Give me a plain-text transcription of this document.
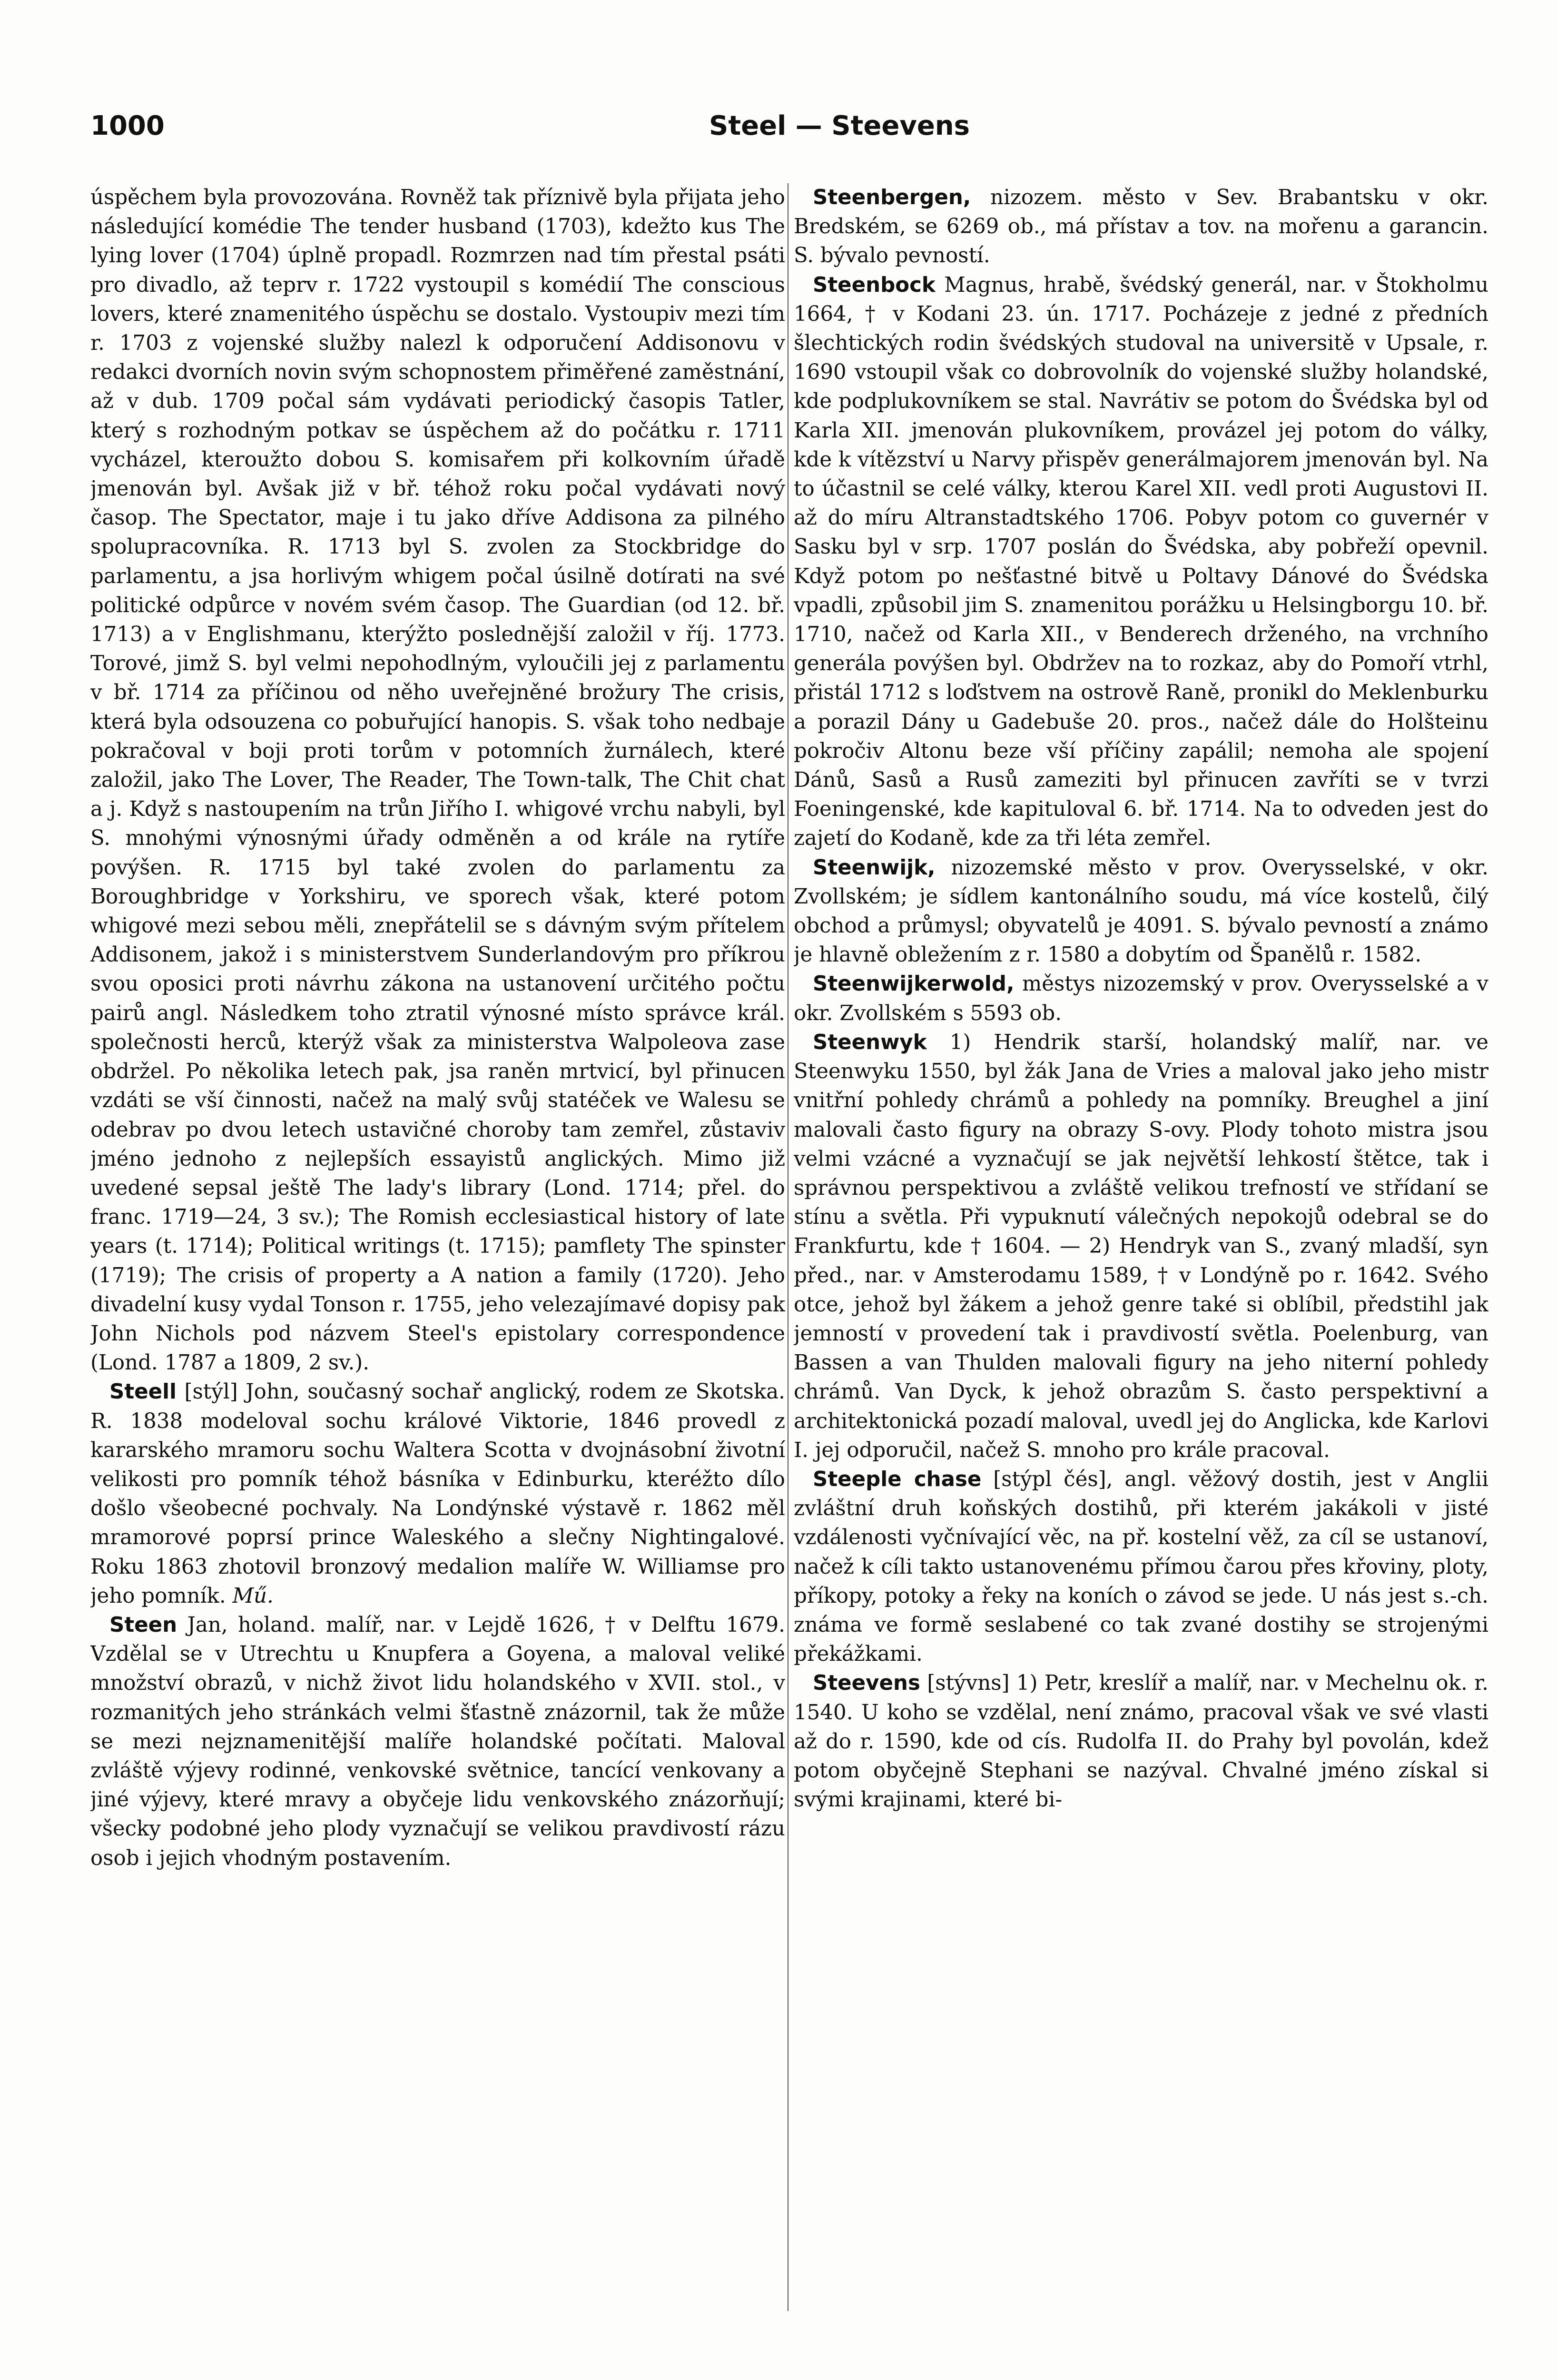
1000	Steel — Steevens

úspěchem byla provozována. Rovněž tak příznivě byla přijata jeho následující komédie The tender husband (1703), kdežto kus The lying lover (1704) úplně propadl. Rozmrzen nad tím přestal psáti pro divadlo, až teprv r. 1722 vystoupil s komédií The conscious lovers, které znamenitého úspěchu se dostalo. Vystoupiv mezi tím r. 1703 z vojenské služby nalezl k odporučení Addisonovu v redakci dvorních novin svým schopnostem přiměřené zaměstnání, až v dub. 1709 počal sám vydávati periodický časopis Tatler, který s rozhodným potkav se úspěchem až do počátku r. 1711 vycházel, kteroužto dobou S. komisařem při kolkovním úřadě jmenován byl. Avšak již v bř. téhož roku počal vydávati nový časop. The Spectator, maje i tu jako dříve Addisona za pilného spolupracovníka. R. 1713 byl S. zvolen za Stockbridge do parlamentu, a jsa horlivým whigem počal úsilně dotírati na své politické odpůrce v novém svém časop. The Guardian (od 12. bř. 1713) a v Englishmanu, kterýžto poslednější založil v říj. 1773. Torové, jimž S. byl velmi nepohodlným, vyloučili jej z parlamentu v bř. 1714 za příčinou od něho uveřejněné brožury The crisis, která byla odsouzena co pobuřující hanopis. S. však toho nedbaje pokračoval v boji proti torům v potomních žurnálech, které založil, jako The Lover, The Reader, The Town-talk, The Chit chat a j. Když s nastoupením na trůn Jiřího I. whigové vrchu nabyli, byl S. mnohými výnosnými úřady odměněn a od krále na rytíře povýšen. R. 1715 byl také zvolen do parlamentu za Boroughbridge v Yorkshiru, ve sporech však, které potom whigové mezi sebou měli, znepřátelil se s dávným svým přítelem Addisonem, jakož i s ministerstvem Sunderlandovým pro příkrou svou oposici proti návrhu zákona na ustanovení určitého počtu pairů angl. Následkem toho ztratil výnosné místo správce král. společnosti herců, kterýž však za ministerstva Walpoleova zase obdržel. Po několika letech pak, jsa raněn mrtvicí, byl přinucen vzdáti se vší činnosti, načež na malý svůj statéček ve Walesu se odebrav po dvou letech ustavičné choroby tam zemřel, zůstaviv jméno jednoho z nejlepších essayistů anglických. Mimo již uvedené sepsal ještě The lady's library (Lond. 1714; přel. do franc. 1719—24, 3 sv.); The Romish ecclesiastical history of late years (t. 1714); Political writings (t. 1715); pamflety The spinster (1719); The crisis of property a A nation a family (1720). Jeho divadelní kusy vydal Tonson r. 1755, jeho velezajímavé dopisy pak John Nichols pod názvem Steel's epistolary correspondence (Lond. 1787 a 1809, 2 sv.).

Steell [stýl] John, současný sochař anglický, rodem ze Skotska. R. 1838 modeloval sochu králové Viktorie, 1846 provedl z kararského mramoru sochu Waltera Scotta v dvojnásobní životní velikosti pro pomník téhož básníka v Edinburku, kteréžto dílo došlo všeobecné pochvaly. Na Londýnské výstavě r. 1862 měl mramorové poprsí prince Waleského a slečny Nightingalové. Roku 1863 zhotovil bronzový medalion malíře W. Williamse pro jeho pomník. Mű.

Steen Jan, holand. malíř, nar. v Lejdě 1626, † v Delftu 1679. Vzdělal se v Utrechtu u Knupfera a Goyena, a maloval veliké množství obrazů, v nichž život lidu holandského v XVII. stol., v rozmanitých jeho stránkách velmi šťastně znázornil, tak že může se mezi nejznamenitější malíře holandské počítati. Maloval zvláště výjevy rodinné, venkovské světnice, tancící venkovany a jiné výjevy, které mravy a obyčeje lidu venkovského znázorňují; všecky podobné jeho plody vyznačují se velikou pravdivostí rázu osob i jejich vhodným postavením.

Steenbergen, nizozem. město v Sev. Brabantsku v okr. Bredském, se 6269 ob., má přístav a tov. na mořenu a garancin. S. bývalo pevností.

Steenbock Magnus, hrabě, švédský generál, nar. v Štokholmu 1664, † v Kodani 23. ún. 1717. Pocházeje z jedné z předních šlechtických rodin švédských studoval na universitě v Upsale, r. 1690 vstoupil však co dobrovolník do vojenské služby holandské, kde podplukovníkem se stal. Navrátiv se potom do Švédska byl od Karla XII. jmenován plukovníkem, provázel jej potom do války, kde k vítězství u Narvy přispěv generálmajorem jmenován byl. Na to účastnil se celé války, kterou Karel XII. vedl proti Augustovi II. až do míru Altranstadtského 1706. Pobyv potom co guvernér v Sasku byl v srp. 1707 poslán do Švédska, aby pobřeží opevnil. Když potom po nešťastné bitvě u Poltavy Dánové do Švédska vpadli, způsobil jim S. znamenitou porážku u Helsingborgu 10. bř. 1710, načež od Karla XII., v Benderech drženého, na vrchního generála povýšen byl. Obdržev na to rozkaz, aby do Pomoří vtrhl, přistál 1712 s loďstvem na ostrově Raně, pronikl do Meklenburku a porazil Dány u Gadebuše 20. pros., načež dále do Holšteinu pokročiv Altonu beze vší příčiny zapálil; nemoha ale spojení Dánů, Sasů a Rusů zameziti byl přinucen zavříti se v tvrzi Foeningenské, kde kapituloval 6. bř. 1714. Na to odveden jest do zajetí do Kodaně, kde za tři léta zemřel.

Steenwijk, nizozemské město v prov. Overysselské, v okr. Zvollském; je sídlem kantonálního soudu, má více kostelů, čilý obchod a průmysl; obyvatelů je 4091. S. bývalo pevností a známo je hlavně obležením z r. 1580 a dobytím od Španělů r. 1582.

Steenwijkerwold, městys nizozemský v prov. Overysselské a v okr. Zvollském s 5593 ob.

Steenwyk 1) Hendrik starší, holandský malíř, nar. ve Steenwyku 1550, byl žák Jana de Vries a maloval jako jeho mistr vnitřní pohledy chrámů a pohledy na pomníky. Breughel a jiní malovali často figury na obrazy S-ovy. Plody tohoto mistra jsou velmi vzácné a vyznačují se jak největší lehkostí štětce, tak i správnou perspektivou a zvláště velikou trefností ve střídaní se stínu a světla. Při vypuknutí válečných nepokojů odebral se do Frankfurtu, kde † 1604. — 2) Hendryk van S., zvaný mladší, syn před., nar. v Amsterodamu 1589, † v Londýně po r. 1642. Svého otce, jehož byl žákem a jehož genre také si oblíbil, předstihl jak jemností v provedení tak i pravdivostí světla. Poelenburg, van Bassen a van Thulden malovali figury na jeho niterní pohledy chrámů. Van Dyck, k jehož obrazům S. často perspektivní a architektonická pozadí maloval, uvedl jej do Anglicka, kde Karlovi I. jej odporučil, načež S. mnoho pro krále pracoval.

Steeple chase [stýpl čés], angl. věžový dostih, jest v Anglii zvláštní druh koňských dostihů, při kterém jakákoli v jisté vzdálenosti vyčnívající věc, na př. kostelní věž, za cíl se ustanoví, načež k cíli takto ustanovenému přímou čarou přes křoviny, ploty, příkopy, potoky a řeky na koních o závod se jede. U nás jest s.-ch. známa ve formě seslabené co tak zvané dostihy se strojenými překážkami.

Steevens [stývns] 1) Petr, kreslíř a malíř, nar. v Mechelnu ok. r. 1540. U koho se vzdělal, není známo, pracoval však ve své vlasti až do r. 1590, kde od cís. Rudolfa II. do Prahy byl povolán, kdež potom obyčejně Stephani se nazýval. Chvalné jméno získal si svými krajinami, které bi-
